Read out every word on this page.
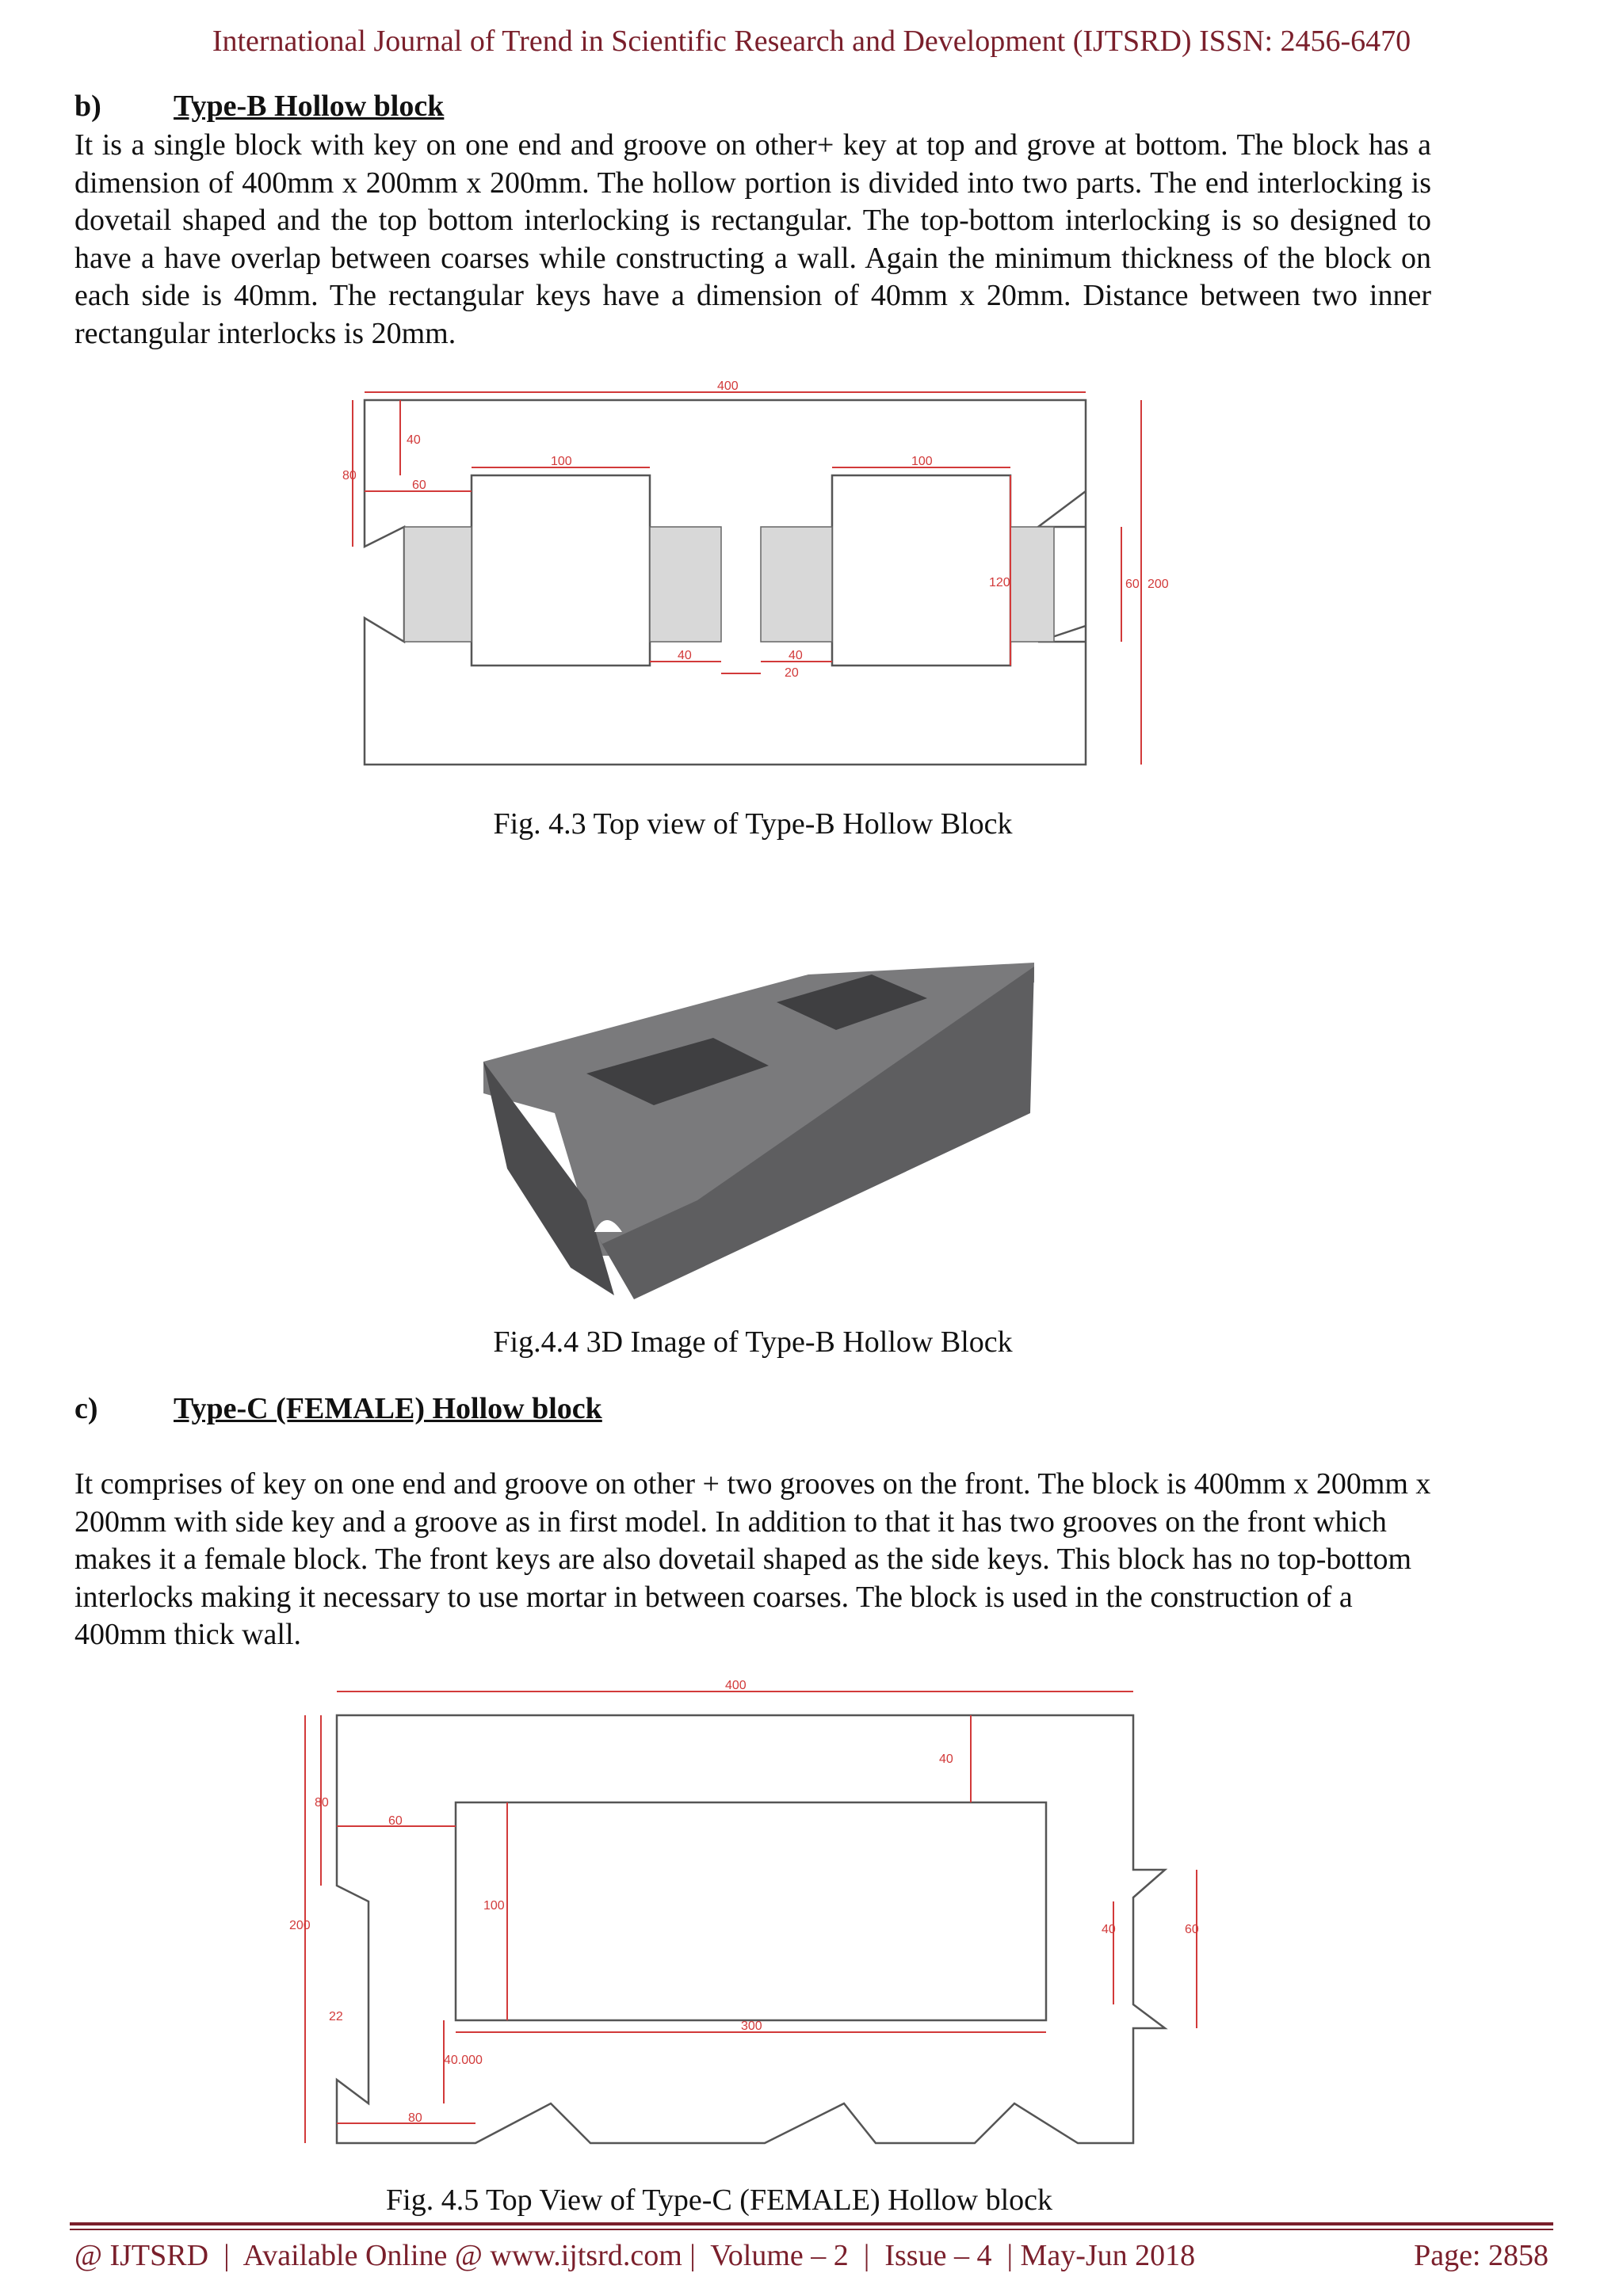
International Journal of Trend in Scientific Research and Development (IJTSRD) ISSN: 2456-6470
b) Type-B Hollow block

It is a single block with key on one end and groove on other+ key at top and grove at bottom. The block has a dimension of 400mm x 200mm x 200mm. The hollow portion is divided into two parts. The end interlocking is dovetail shaped and the top bottom interlocking is rectangular. The top-bottom interlocking is so designed to have a have overlap between coarses while constructing a wall. Again the minimum thickness of the block on each side is 40mm. The rectangular keys have a dimension of 40mm x 20mm. Distance between two inner rectangular interlocks is 20mm.

400
40
80
60
100	100
120
40	40
20
60 200
Fig. 4.3 Top view of Type-B Hollow Block
Fig.4.4 3D Image of Type-B Hollow Block
c)	Type-C (FEMALE) Hollow block

It comprises of key on one end and groove on other + two grooves on the front. The block is 400mm x 200mm x 200mm with side key and a groove as in first model. In addition to that it has two grooves on the front which makes it a female block. The front keys are also dovetail shaped as the side keys. This block has no top-bottom interlocks making it necessary to use mortar in between coarses. The block is used in the construction of a 400mm thick wall.

400
40
80
60
200
100
22
300
40.000
80
40	60
Fig. 4.5 Top View of Type-C (FEMALE) Hollow block
@ IJTSRD  |  Available Online @ www.ijtsrd.com |  Volume – 2  |  Issue – 4  | May-Jun 2018	Page: 2858
